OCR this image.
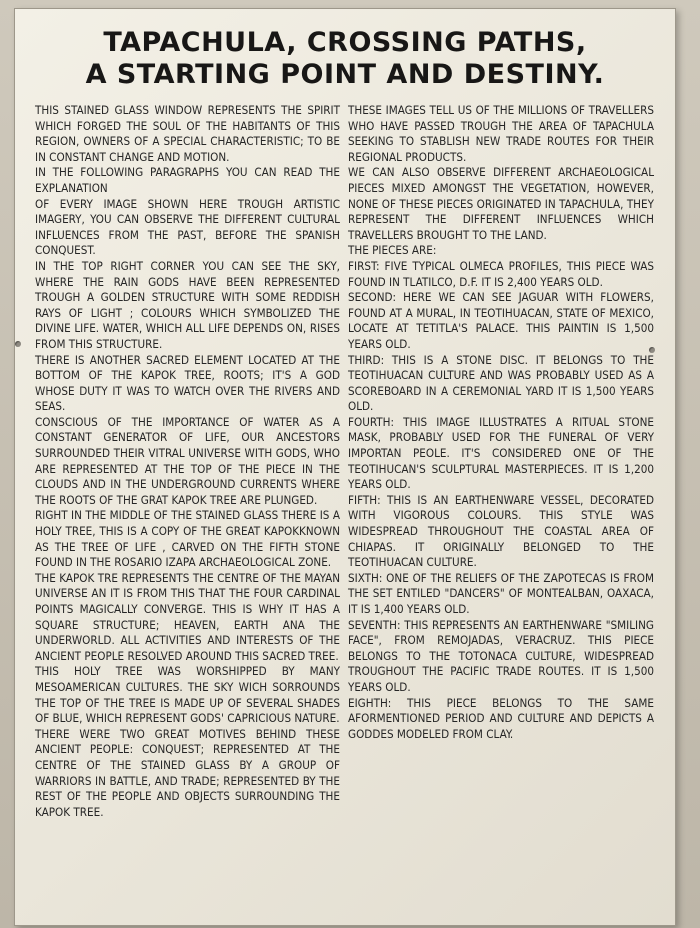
TAPACHULA, CROSSING PATHS,
A STARTING POINT AND DESTINY.

THIS STAINED GLASS WINDOW REPRESENTS THE SPIRIT WHICH FORGED THE SOUL OF THE HABITANTS OF THIS REGION, OWNERS OF A SPECIAL CHARACTERISTIC; TO BE IN CONSTANT CHANGE AND MOTION.

IN THE FOLLOWING PARAGRAPHS YOU CAN READ THE EXPLANATION

OF EVERY IMAGE SHOWN HERE TROUGH ARTISTIC IMAGERY, YOU CAN OBSERVE THE DIFFERENT CULTURAL INFLUENCES FROM THE PAST, BEFORE THE SPANISH CONQUEST.

IN THE TOP RIGHT CORNER YOU CAN SEE THE SKY, WHERE THE RAIN GODS HAVE BEEN REPRESENTED TROUGH A GOLDEN STRUCTURE WITH SOME REDDISH RAYS OF LIGHT ; COLOURS WHICH SYMBOLIZED THE DIVINE LIFE. WATER, WHICH ALL LIFE DEPENDS ON, RISES FROM THIS STRUCTURE.

THERE IS ANOTHER SACRED ELEMENT LOCATED AT THE BOTTOM OF THE KAPOK TREE, ROOTS; IT'S A GOD WHOSE DUTY IT WAS TO WATCH OVER THE RIVERS AND SEAS.

CONSCIOUS OF THE IMPORTANCE OF WATER AS A CONSTANT GENERATOR OF LIFE, OUR ANCESTORS SURROUNDED THEIR VITRAL UNIVERSE WITH GODS, WHO ARE REPRESENTED AT THE TOP OF THE PIECE IN THE CLOUDS AND IN THE UNDERGROUND CURRENTS WHERE THE ROOTS OF THE GRAT KAPOK TREE ARE PLUNGED.

RIGHT IN THE MIDDLE OF THE STAINED GLASS THERE IS A HOLY TREE, THIS IS A COPY OF THE GREAT KAPOKKNOWN AS THE TREE OF LIFE , CARVED ON THE FIFTH STONE FOUND IN THE ROSARIO IZAPA ARCHAEOLOGICAL ZONE.

THE KAPOK TRE REPRESENTS THE CENTRE OF THE MAYAN UNIVERSE AN IT IS FROM THIS THAT THE FOUR CARDINAL POINTS MAGICALLY CONVERGE. THIS IS WHY IT HAS A SQUARE STRUCTURE; HEAVEN, EARTH ANA THE UNDERWORLD. ALL ACTIVITIES AND INTERESTS OF THE ANCIENT PEOPLE RESOLVED AROUND THIS SACRED TREE.

THIS HOLY TREE WAS WORSHIPPED BY MANY MESOAMERICAN CULTURES. THE SKY WICH SORROUNDS THE TOP OF THE TREE IS MADE UP OF SEVERAL SHADES OF BLUE, WHICH REPRESENT GODS' CAPRICIOUS NATURE.

THERE WERE TWO GREAT MOTIVES BEHIND THESE ANCIENT PEOPLE: CONQUEST; REPRESENTED AT THE CENTRE OF THE STAINED GLASS BY A GROUP OF WARRIORS IN BATTLE, AND TRADE; REPRESENTED BY THE REST OF THE PEOPLE AND OBJECTS SURROUNDING THE KAPOK TREE.

THESE IMAGES TELL US OF THE MILLIONS OF TRAVELLERS WHO HAVE PASSED TROUGH THE AREA OF TAPACHULA SEEKING TO STABLISH NEW TRADE ROUTES FOR THEIR REGIONAL PRODUCTS.

WE CAN ALSO OBSERVE DIFFERENT ARCHAEOLOGICAL PIECES MIXED AMONGST THE VEGETATION, HOWEVER, NONE OF THESE PIECES ORIGINATED IN TAPACHULA, THEY REPRESENT THE DIFFERENT INFLUENCES WHICH TRAVELLERS BROUGHT TO THE LAND.

THE PIECES ARE:

FIRST: FIVE TYPICAL OLMECA PROFILES, THIS PIECE WAS FOUND IN TLATILCO, D.F. IT IS 2,400 YEARS OLD.

SECOND: HERE WE CAN SEE JAGUAR WITH FLOWERS, FOUND AT A MURAL, IN TEOTIHUACAN, STATE OF MEXICO, LOCATE AT TETITLA'S PALACE. THIS PAINTIN IS 1,500 YEARS OLD.

THIRD: THIS IS A STONE DISC. IT BELONGS TO THE TEOTIHUACAN CULTURE AND WAS PROBABLY USED AS A SCOREBOARD IN A CEREMONIAL YARD IT IS 1,500 YEARS OLD.

FOURTH: THIS IMAGE ILLUSTRATES A RITUAL STONE MASK, PROBABLY USED FOR THE FUNERAL OF VERY IMPORTAN PEOLE. IT'S CONSIDERED ONE OF THE TEOTIHUCAN'S SCULPTURAL MASTERPIECES. IT IS 1,200 YEARS OLD.

FIFTH: THIS IS AN EARTHENWARE VESSEL, DECORATED WITH VIGOROUS COLOURS. THIS STYLE WAS WIDESPREAD THROUGHOUT THE COASTAL AREA OF CHIAPAS. IT ORIGINALLY BELONGED TO THE TEOTIHUACAN CULTURE.

SIXTH: ONE OF THE RELIEFS OF THE ZAPOTECAS IS FROM THE SET ENTILED "DANCERS" OF MONTEALBAN, OAXACA, IT IS 1,400 YEARS OLD.

SEVENTH: THIS REPRESENTS AN EARTHENWARE "SMILING FACE", FROM REMOJADAS, VERACRUZ. THIS PIECE BELONGS TO THE TOTONACA CULTURE, WIDESPREAD TROUGHOUT THE PACIFIC TRADE ROUTES. IT IS 1,500 YEARS OLD.

EIGHTH: THIS PIECE BELONGS TO THE SAME AFORMENTIONED PERIOD AND CULTURE AND DEPICTS A GODDES MODELED FROM CLAY.
